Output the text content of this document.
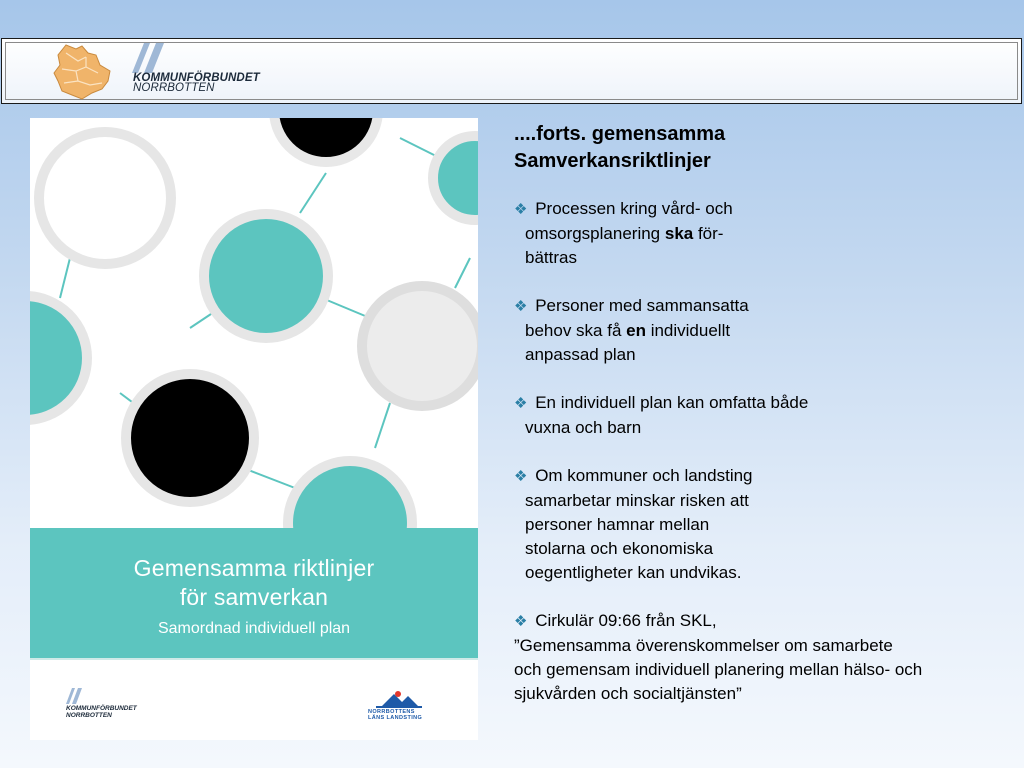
KOMMUNFÖRBUNDET
NORRBOTTEN
Gemensamma riktlinjer
för samverkan
Samordnad individuell plan
KOMMUNFÖRBUNDET
NORRBOTTEN	NORRBOTTENS
LÄNS LANDSTING
....forts. gemensamma
Samverkansriktlinjer
❖ Processen kring vård- och
omsorgsplanering ska för-
bättras
❖ Personer med sammansatta
behov ska få en individuellt
anpassad plan
❖ En individuell plan kan omfatta både
vuxna och barn
❖ Om kommuner och landsting
samarbetar minskar risken att
personer hamnar mellan
stolarna och ekonomiska
oegentligheter kan undvikas.
❖ Cirkulär 09:66 från SKL,
”Gemensamma överenskommelser om samarbete
och gemensam individuell planering mellan hälso- och
sjukvården och socialtjänsten”
